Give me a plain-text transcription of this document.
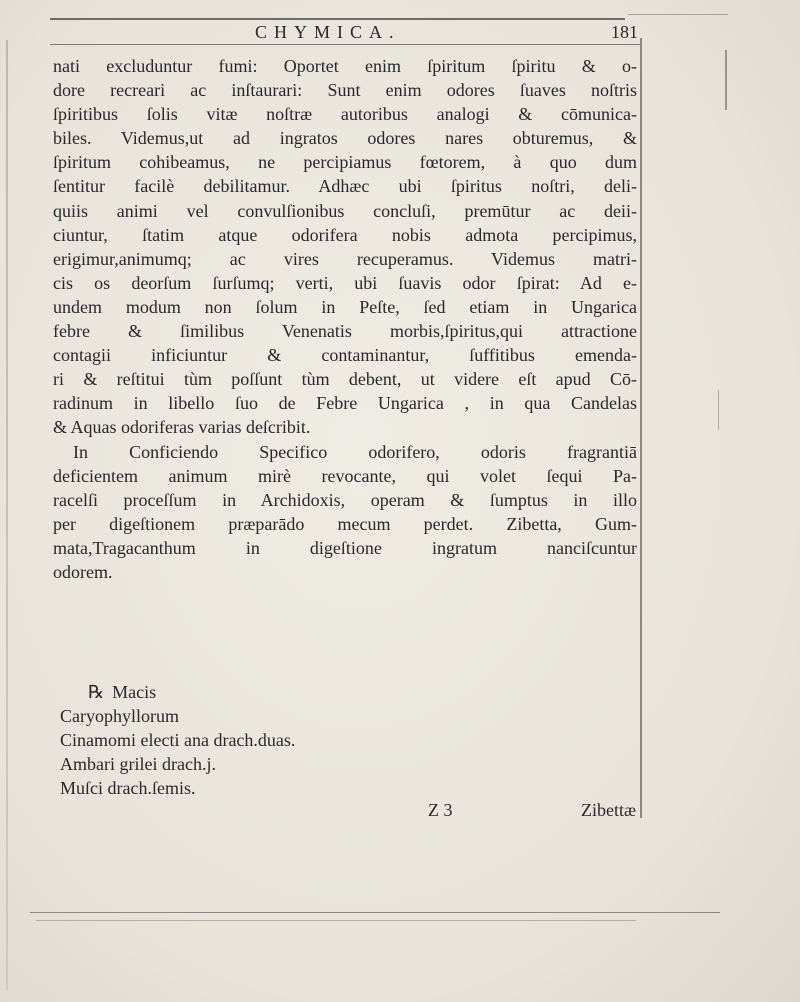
CHYMICA.	181
nati excluduntur fumi: Oportet enim ſpiritum ſpiritu & o-
dore recreari ac inſtaurari: Sunt enim odores ſuaves noſtris
ſpiritibus ſolis vitæ noſtræ autoribus analogi & cōmunica-
biles. Videmus,ut ad ingratos odores nares obturemus, &
ſpiritum cohibeamus, ne percipiamus fœtorem, à quo dum
ſentitur facilè debilitamur. Adhæc ubi ſpiritus noſtri, deli-
quiis animi vel convulſionibus concluſi, premūtur ac deii-
ciuntur, ſtatim atque odorifera nobis admota percipimus,
erigimur,animumq; ac vires recuperamus. Videmus matri-
cis os deorſum ſurſumq; verti, ubi ſuavis odor ſpirat: Ad e-
undem modum non ſolum in Peſte, ſed etiam in Ungarica
febre & ſimilibus Venenatis morbis,ſpiritus,qui attractione
contagii inficiuntur & contaminantur, ſuffitibus emenda-
ri & reſtitui tùm poſſunt tùm debent, ut videre eſt apud Cō-
radinum in libello ſuo de Febre Ungarica , in qua Candelas
& Aquas odoriferas varias deſcribit.
In Conficiendo Specifico odorifero, odoris fragrantiā
deficientem animum mirè revocante, qui volet ſequi Pa-
racelſi proceſſum in Archidoxis, operam & ſumptus in illo
per digeſtionem præparādo mecum perdet. Zibetta, Gum-
mata,Tragacanthum in digeſtione ingratum nanciſcuntur
odorem.
℞ Macis
Caryophyllorum
Cinamomi electi ana drach.duas.
Ambari grilei drach.j.
Muſci drach.ſemis.
Z 3	Zibettæ
